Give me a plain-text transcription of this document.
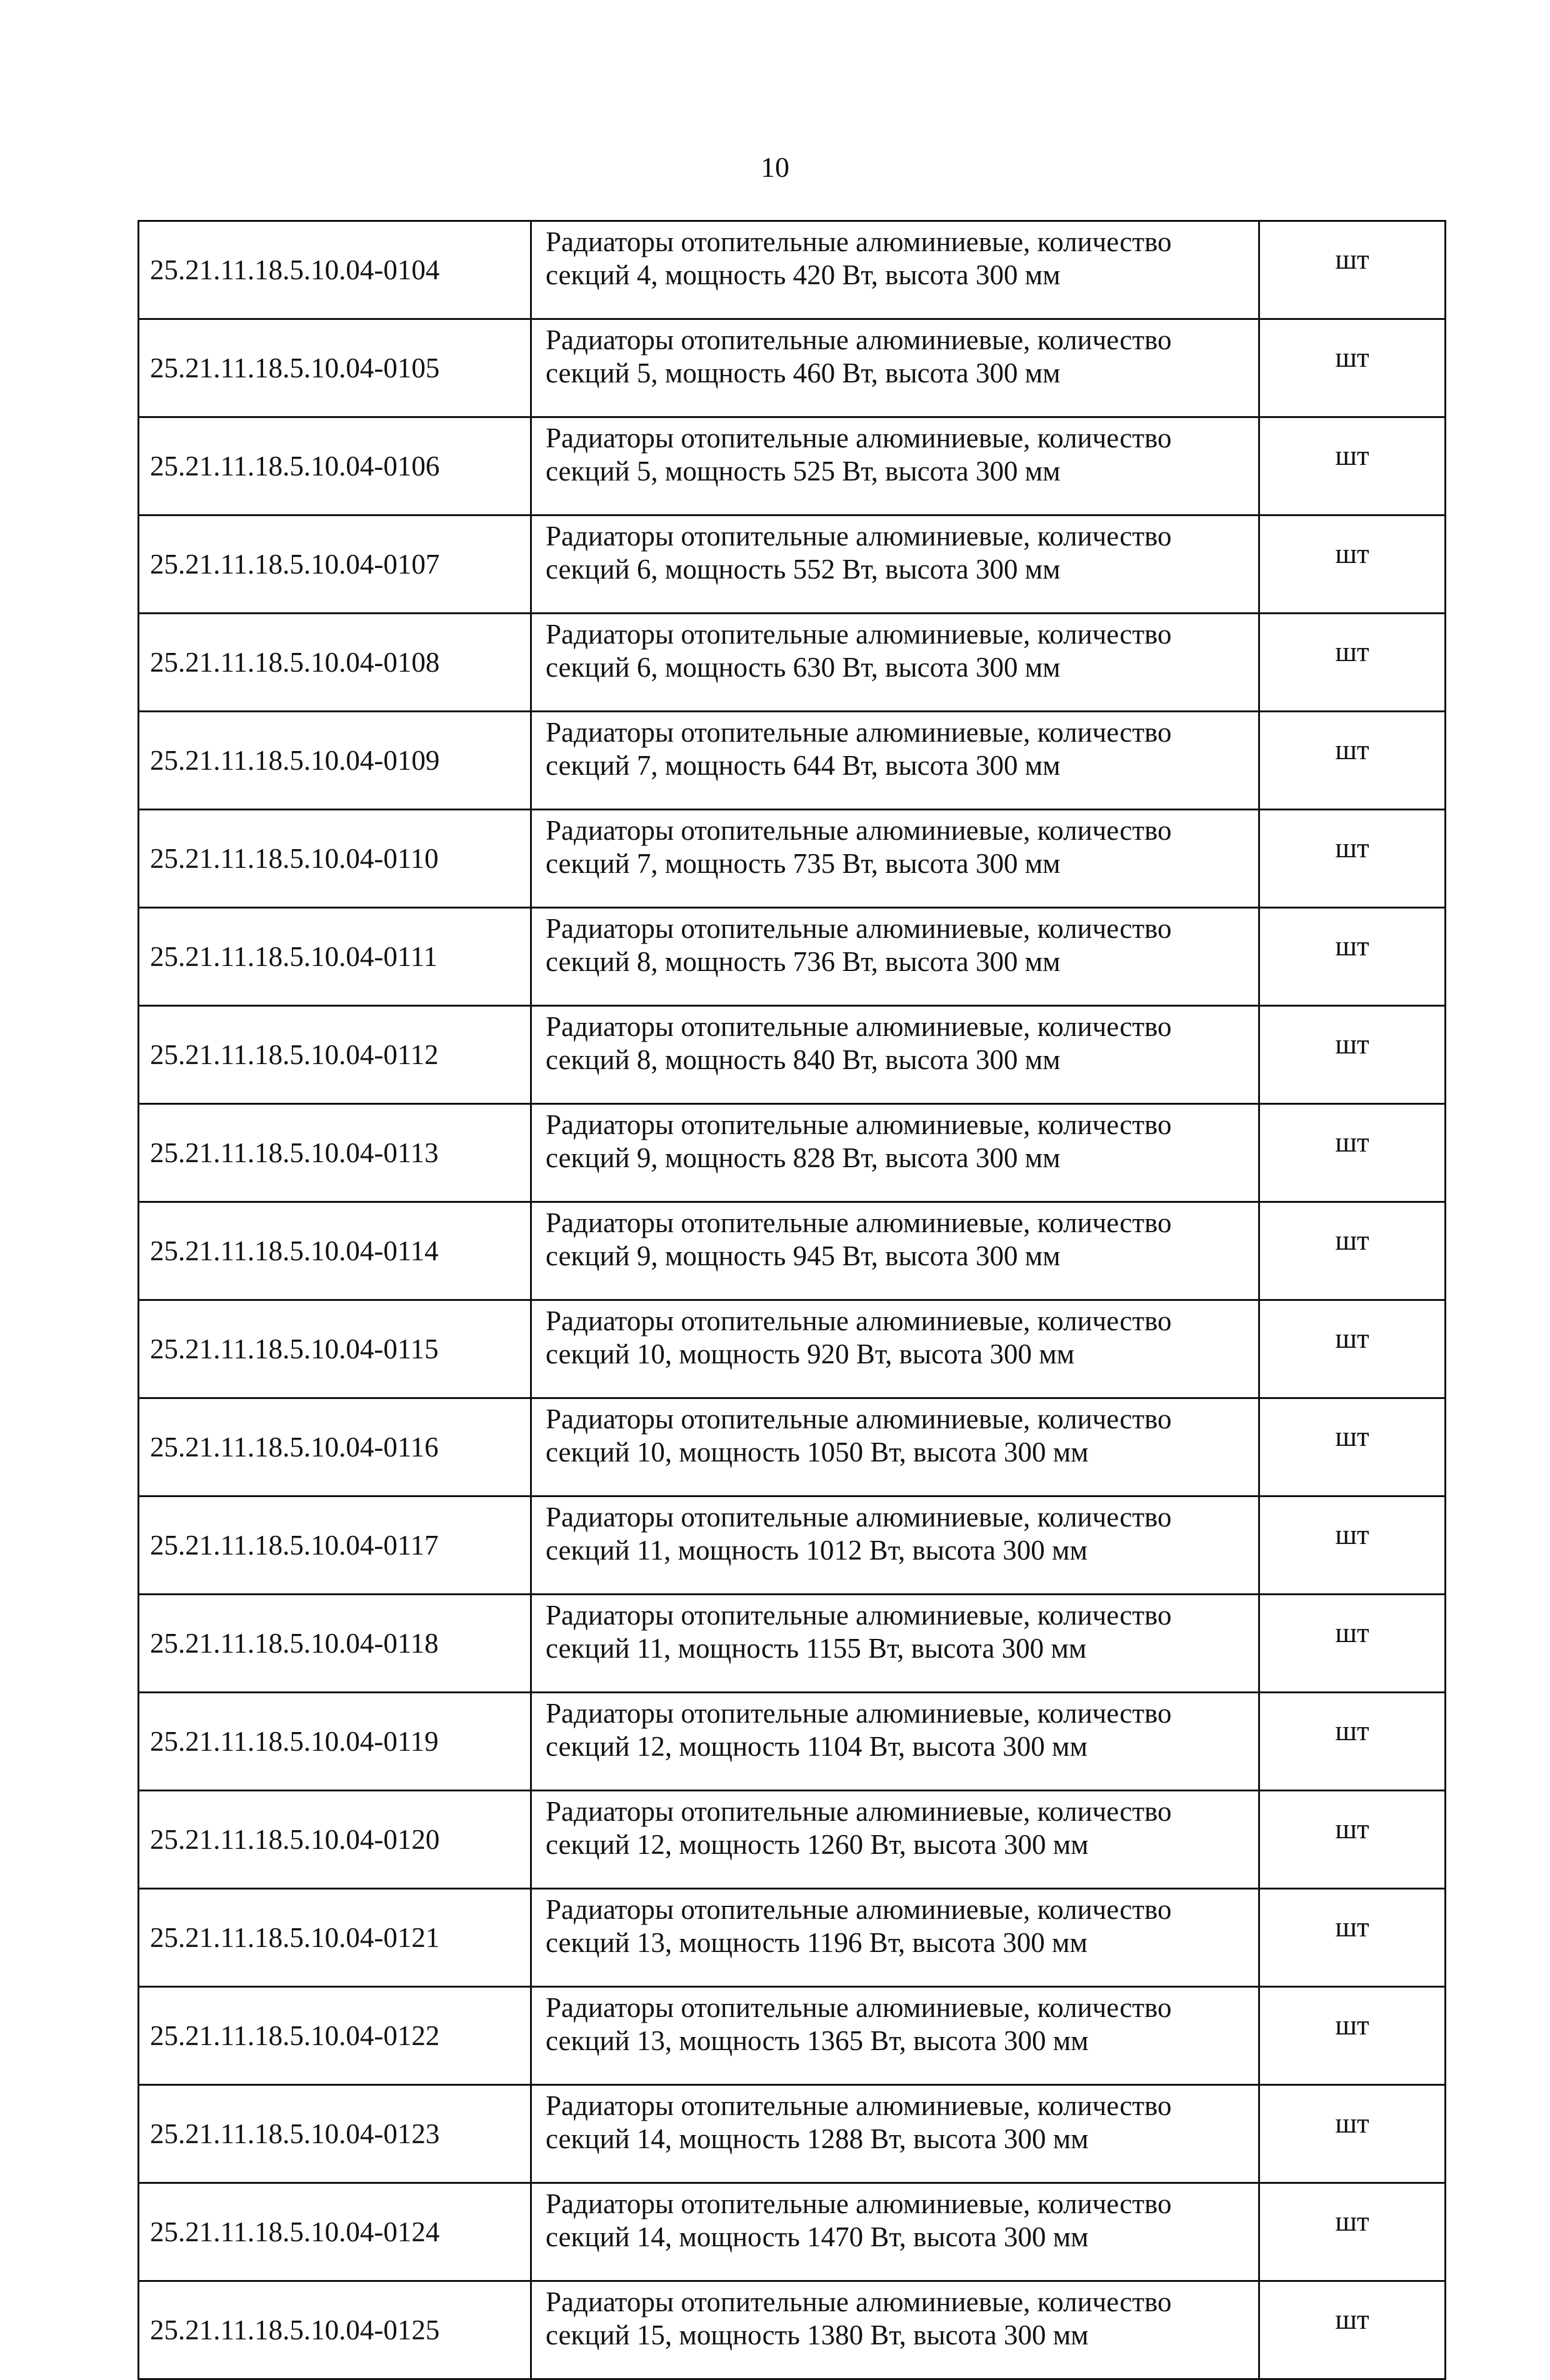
10
25.21.11.18.5.10.04-0104	Радиаторы отопительные алюминиевые, количество
секций 4, мощность 420 Вт, высота 300 мм	шт
25.21.11.18.5.10.04-0105	Радиаторы отопительные алюминиевые, количество
секций 5, мощность 460 Вт, высота 300 мм	шт
25.21.11.18.5.10.04-0106	Радиаторы отопительные алюминиевые, количество
секций 5, мощность 525 Вт, высота 300 мм	шт
25.21.11.18.5.10.04-0107	Радиаторы отопительные алюминиевые, количество
секций 6, мощность 552 Вт, высота 300 мм	шт
25.21.11.18.5.10.04-0108	Радиаторы отопительные алюминиевые, количество
секций 6, мощность 630 Вт, высота 300 мм	шт
25.21.11.18.5.10.04-0109	Радиаторы отопительные алюминиевые, количество
секций 7, мощность 644 Вт, высота 300 мм	шт
25.21.11.18.5.10.04-0110	Радиаторы отопительные алюминиевые, количество
секций 7, мощность 735 Вт, высота 300 мм	шт
25.21.11.18.5.10.04-0111	Радиаторы отопительные алюминиевые, количество
секций 8, мощность 736 Вт, высота 300 мм	шт
25.21.11.18.5.10.04-0112	Радиаторы отопительные алюминиевые, количество
секций 8, мощность 840 Вт, высота 300 мм	шт
25.21.11.18.5.10.04-0113	Радиаторы отопительные алюминиевые, количество
секций 9, мощность 828 Вт, высота 300 мм	шт
25.21.11.18.5.10.04-0114	Радиаторы отопительные алюминиевые, количество
секций 9, мощность 945 Вт, высота 300 мм	шт
25.21.11.18.5.10.04-0115	Радиаторы отопительные алюминиевые, количество
секций 10, мощность 920 Вт, высота 300 мм	шт
25.21.11.18.5.10.04-0116	Радиаторы отопительные алюминиевые, количество
секций 10, мощность 1050 Вт, высота 300 мм	шт
25.21.11.18.5.10.04-0117	Радиаторы отопительные алюминиевые, количество
секций 11, мощность 1012 Вт, высота 300 мм	шт
25.21.11.18.5.10.04-0118	Радиаторы отопительные алюминиевые, количество
секций 11, мощность 1155 Вт, высота 300 мм	шт
25.21.11.18.5.10.04-0119	Радиаторы отопительные алюминиевые, количество
секций 12, мощность 1104 Вт, высота 300 мм	шт
25.21.11.18.5.10.04-0120	Радиаторы отопительные алюминиевые, количество
секций 12, мощность 1260 Вт, высота 300 мм	шт
25.21.11.18.5.10.04-0121	Радиаторы отопительные алюминиевые, количество
секций 13, мощность 1196 Вт, высота 300 мм	шт
25.21.11.18.5.10.04-0122	Радиаторы отопительные алюминиевые, количество
секций 13, мощность 1365 Вт, высота 300 мм	шт
25.21.11.18.5.10.04-0123	Радиаторы отопительные алюминиевые, количество
секций 14, мощность 1288 Вт, высота 300 мм	шт
25.21.11.18.5.10.04-0124	Радиаторы отопительные алюминиевые, количество
секций 14, мощность 1470 Вт, высота 300 мм	шт
25.21.11.18.5.10.04-0125	Радиаторы отопительные алюминиевые, количество
секций 15, мощность 1380 Вт, высота 300 мм	шт
